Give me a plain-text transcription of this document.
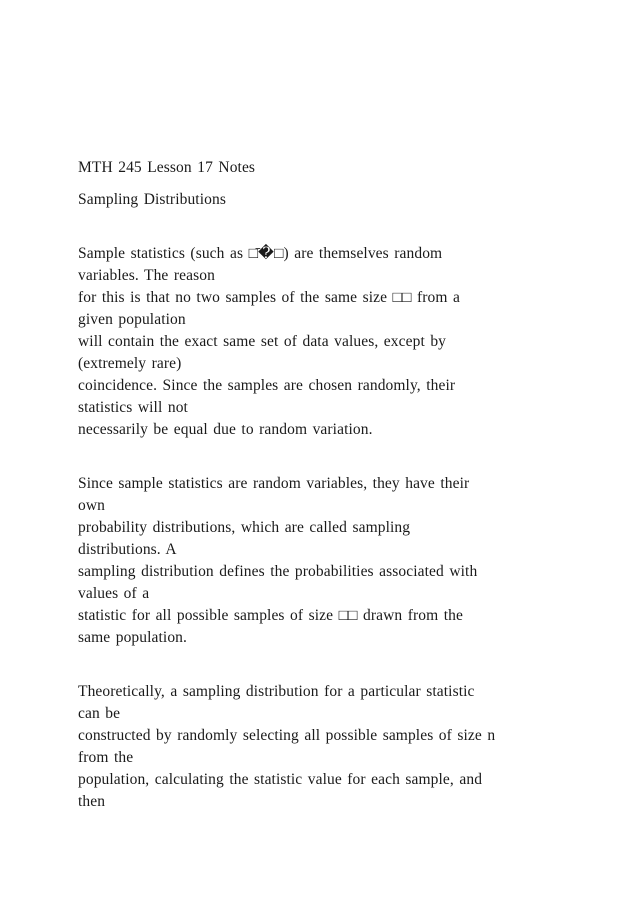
MTH 245 Lesson 17 Notes
Sampling Distributions
Sample statistics (such as □̄�□) are themselves random
variables. The reason
for this is that no two samples of the same size □□ from a
given population
will contain the exact same set of data values, except by
(extremely rare)
coincidence. Since the samples are chosen randomly, their
statistics will not
necessarily be equal due to random variation.
Since sample statistics are random variables, they have their
own
probability distributions, which are called sampling
distributions. A
sampling distribution defines the probabilities associated with
values of a
statistic for all possible samples of size □□ drawn from the
same population.
Theoretically, a sampling distribution for a particular statistic
can be
constructed by randomly selecting all possible samples of size n
from the
population, calculating the statistic value for each sample, and
then
